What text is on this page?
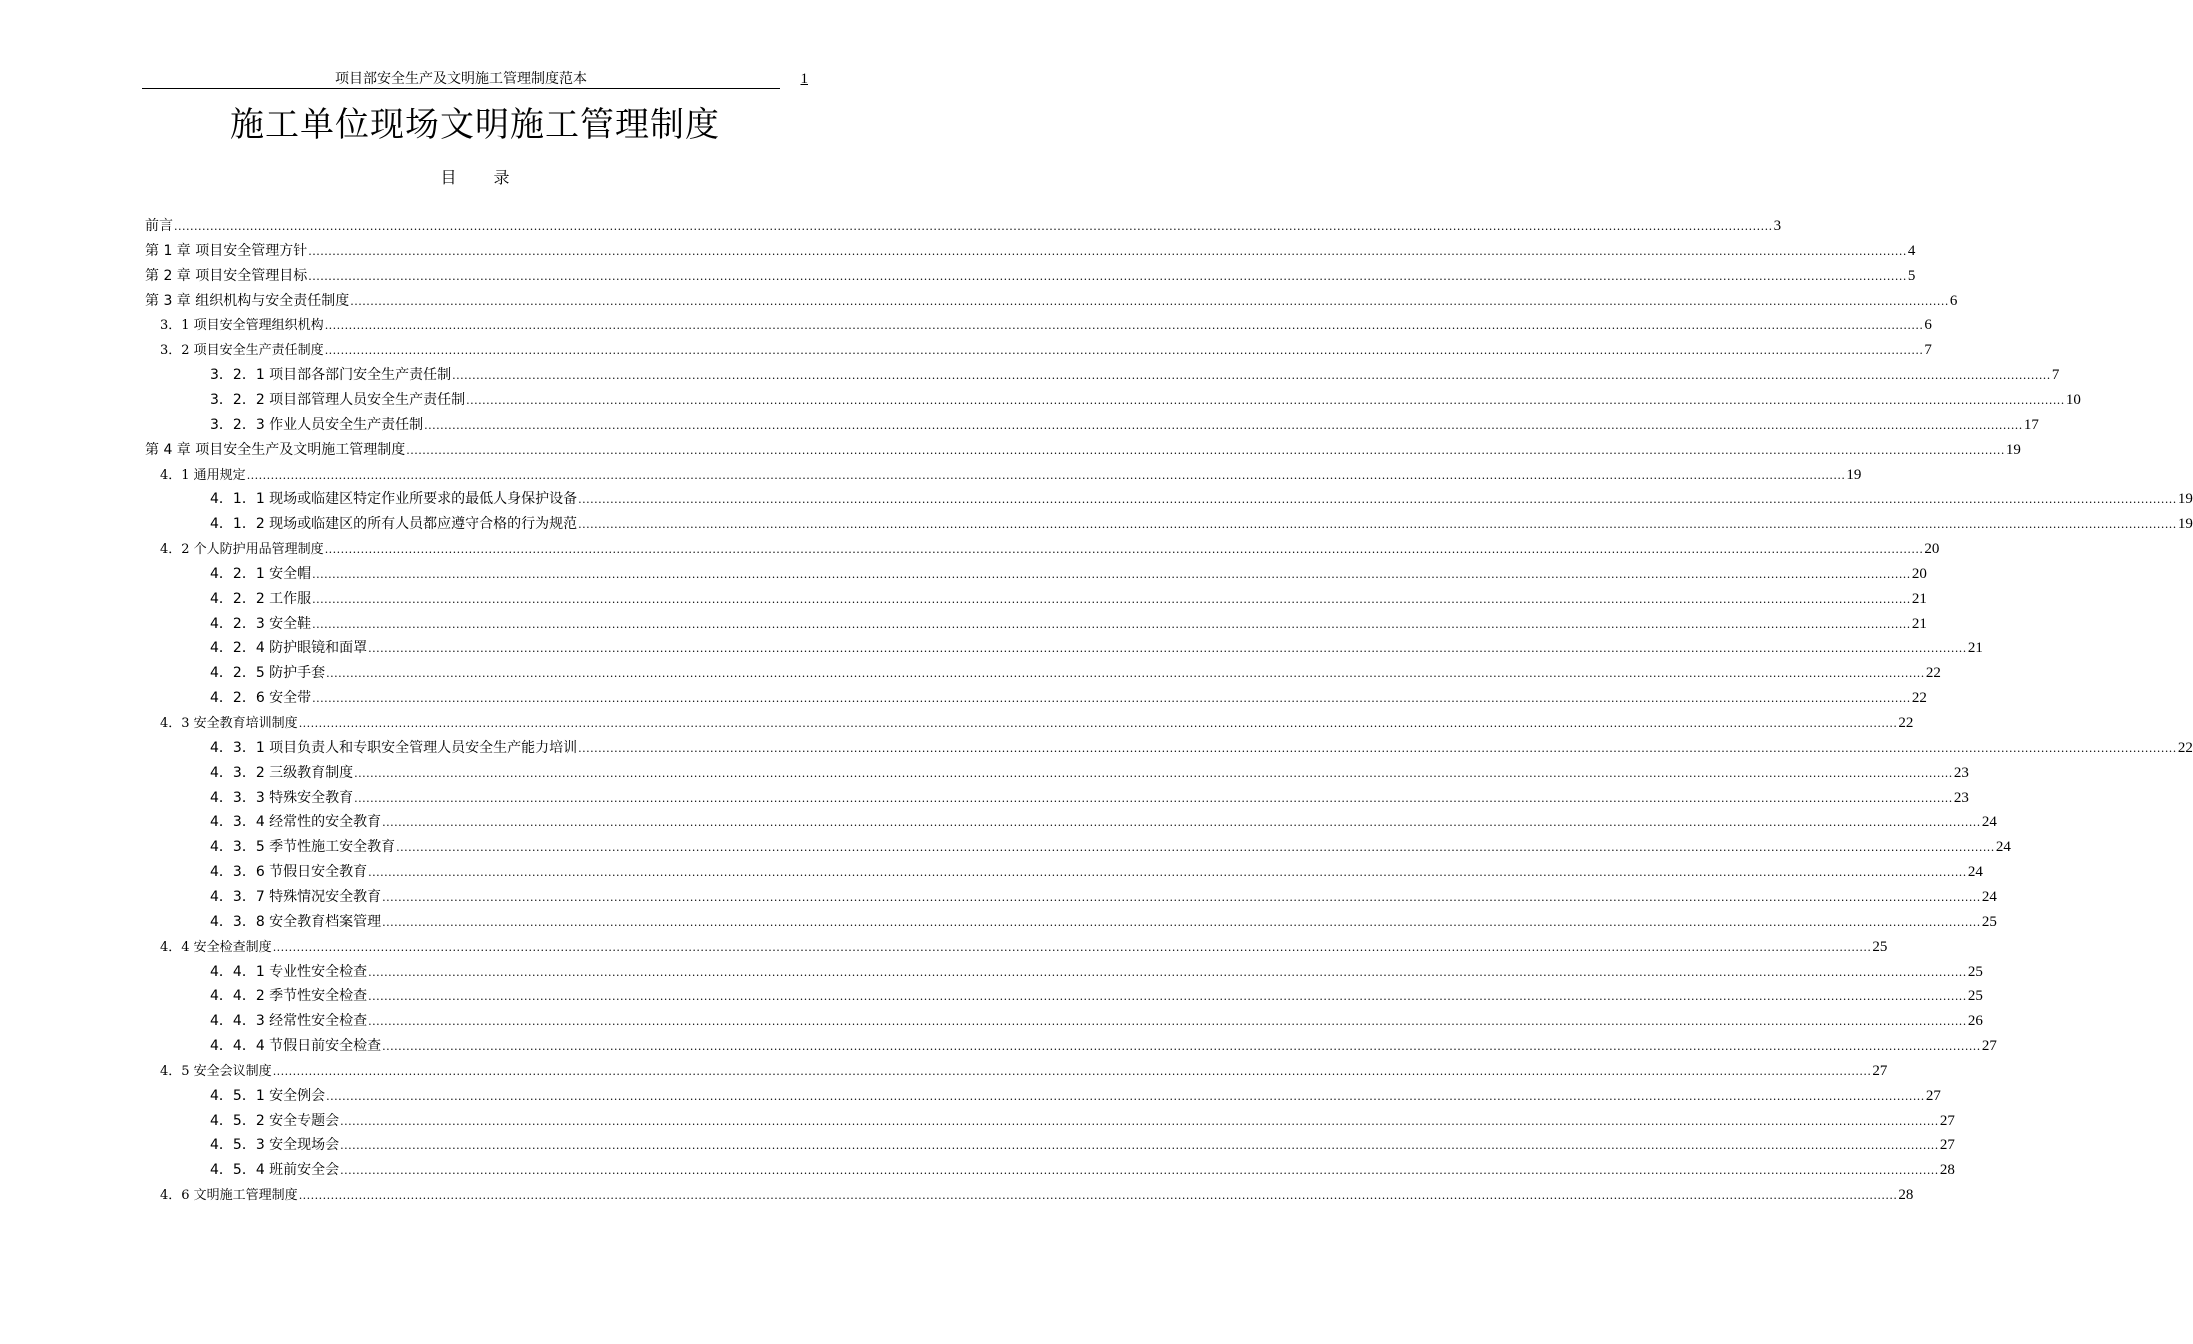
项目部安全生产及文明施工管理制度范本	1
施工单位现场文明施工管理制度
目 录
前言 ................................................................................................................................................................................................................................................................................................................................................................................................................ 3
第 1 章 项目安全管理方针 ................................................................................................................................................................................................................................................................................................................................................................................................................ 4
第 2 章 项目安全管理目标 ................................................................................................................................................................................................................................................................................................................................................................................................................ 5
第 3 章 组织机构与安全责任制度 ................................................................................................................................................................................................................................................................................................................................................................................................................ 6
3．1 项目安全管理组织机构 ................................................................................................................................................................................................................................................................................................................................................................................................................ 6
3．2 项目安全生产责任制度 ................................................................................................................................................................................................................................................................................................................................................................................................................ 7
3．2．1 项目部各部门安全生产责任制 ................................................................................................................................................................................................................................................................................................................................................................................................................ 7
3．2．2 项目部管理人员安全生产责任制 ................................................................................................................................................................................................................................................................................................................................................................................................................ 10
3．2．3 作业人员安全生产责任制 ................................................................................................................................................................................................................................................................................................................................................................................................................ 17
第 4 章 项目安全生产及文明施工管理制度 ................................................................................................................................................................................................................................................................................................................................................................................................................ 19
4．1 通用规定 ................................................................................................................................................................................................................................................................................................................................................................................................................ 19
4．1．1 现场或临建区特定作业所要求的最低人身保护设备 ................................................................................................................................................................................................................................................................................................................................................................................................................ 19
4．1．2 现场或临建区的所有人员都应遵守合格的行为规范 ................................................................................................................................................................................................................................................................................................................................................................................................................ 19
4．2 个人防护用品管理制度 ................................................................................................................................................................................................................................................................................................................................................................................................................ 20
4．2．1 安全帽 ................................................................................................................................................................................................................................................................................................................................................................................................................ 20
4．2．2 工作服 ................................................................................................................................................................................................................................................................................................................................................................................................................ 21
4．2．3 安全鞋 ................................................................................................................................................................................................................................................................................................................................................................................................................ 21
4．2．4 防护眼镜和面罩 ................................................................................................................................................................................................................................................................................................................................................................................................................ 21
4．2．5 防护手套 ................................................................................................................................................................................................................................................................................................................................................................................................................ 22
4．2．6 安全带 ................................................................................................................................................................................................................................................................................................................................................................................................................ 22
4．3 安全教育培训制度 ................................................................................................................................................................................................................................................................................................................................................................................................................ 22
4．3．1 项目负责人和专职安全管理人员安全生产能力培训 ................................................................................................................................................................................................................................................................................................................................................................................................................ 22
4．3．2 三级教育制度 ................................................................................................................................................................................................................................................................................................................................................................................................................ 23
4．3．3 特殊安全教育 ................................................................................................................................................................................................................................................................................................................................................................................................................ 23
4．3．4 经常性的安全教育 ................................................................................................................................................................................................................................................................................................................................................................................................................ 24
4．3．5 季节性施工安全教育 ................................................................................................................................................................................................................................................................................................................................................................................................................ 24
4．3．6 节假日安全教育 ................................................................................................................................................................................................................................................................................................................................................................................................................ 24
4．3．7 特殊情况安全教育 ................................................................................................................................................................................................................................................................................................................................................................................................................ 24
4．3．8 安全教育档案管理 ................................................................................................................................................................................................................................................................................................................................................................................................................ 25
4．4 安全检查制度 ................................................................................................................................................................................................................................................................................................................................................................................................................ 25
4．4．1 专业性安全检查 ................................................................................................................................................................................................................................................................................................................................................................................................................ 25
4．4．2 季节性安全检查 ................................................................................................................................................................................................................................................................................................................................................................................................................ 25
4．4．3 经常性安全检查 ................................................................................................................................................................................................................................................................................................................................................................................................................ 26
4．4．4 节假日前安全检查 ................................................................................................................................................................................................................................................................................................................................................................................................................ 27
4．5 安全会议制度 ................................................................................................................................................................................................................................................................................................................................................................................................................ 27
4．5．1 安全例会 ................................................................................................................................................................................................................................................................................................................................................................................................................ 27
4．5．2 安全专题会 ................................................................................................................................................................................................................................................................................................................................................................................................................ 27
4．5．3 安全现场会 ................................................................................................................................................................................................................................................................................................................................................................................................................ 27
4．5．4 班前安全会 ................................................................................................................................................................................................................................................................................................................................................................................................................ 28
4．6 文明施工管理制度 ................................................................................................................................................................................................................................................................................................................................................................................................................ 28
